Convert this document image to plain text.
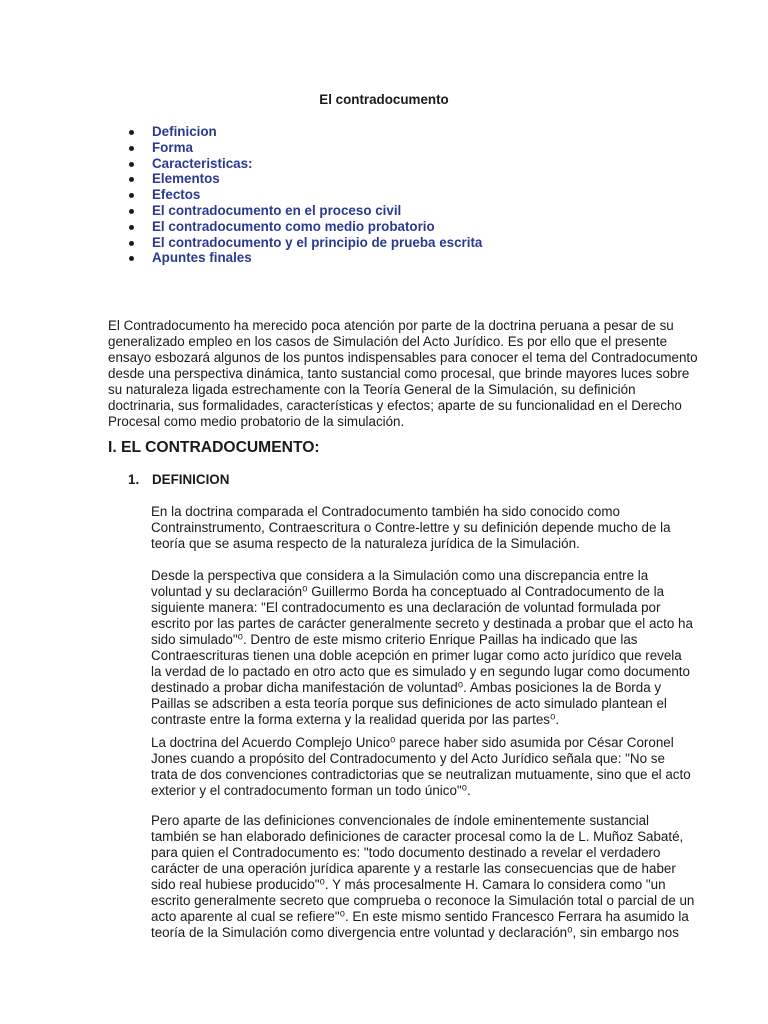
El contradocumento
Definicion
Forma
Caracteristicas:
Elementos
Efectos
El contradocumento en el proceso civil
El contradocumento como medio probatorio
El contradocumento y el principio de prueba escrita
Apuntes finales

El Contradocumento ha merecido poca atención por parte de la doctrina peruana a pesar de su
generalizado empleo en los casos de Simulación del Acto Jurídico. Es por ello que el presente
ensayo esbozará algunos de los puntos indispensables para conocer el tema del Contradocumento
desde una perspectiva dinámica, tanto sustancial como procesal, que brinde mayores luces sobre
su naturaleza ligada estrechamente con la Teoría General de la Simulación, su definición
doctrinaria, sus formalidades, características y efectos; aparte de su funcionalidad en el Derecho
Procesal como medio probatorio de la simulación.

I. EL CONTRADOCUMENTO:
1. DEFINICION

En la doctrina comparada el Contradocumento también ha sido conocido como
Contrainstrumento, Contraescritura o Contre-lettre y su definición depende mucho de la
teoría que se asuma respecto de la naturaleza jurídica de la Simulación.

Desde la perspectiva que considera a la Simulación como una discrepancia entre la
voluntad y su declaración⁰ Guillermo Borda ha conceptuado al Contradocumento de la
siguiente manera: "El contradocumento es una declaración de voluntad formulada por
escrito por las partes de carácter generalmente secreto y destinada a probar que el acto ha
sido simulado"⁰. Dentro de este mismo criterio Enrique Paillas ha indicado que las
Contraescrituras tienen una doble acepción en primer lugar como acto jurídico que revela
la verdad de lo pactado en otro acto que es simulado y en segundo lugar como documento
destinado a probar dicha manifestación de voluntad⁰. Ambas posiciones la de Borda y
Paillas se adscriben a esta teoría porque sus definiciones de acto simulado plantean el
contraste entre la forma externa y la realidad querida por las partes⁰.

La doctrina del Acuerdo Complejo Unico⁰ parece haber sido asumida por César Coronel
Jones cuando a propósito del Contradocumento y del Acto Jurídico señala que: "No se
trata de dos convenciones contradictorias que se neutralizan mutuamente, sino que el acto
exterior y el contradocumento forman un todo único"⁰.

Pero aparte de las definiciones convencionales de índole eminentemente sustancial
también se han elaborado definiciones de caracter procesal como la de L. Muñoz Sabaté,
para quien el Contradocumento es: "todo documento destinado a revelar el verdadero
carácter de una operación jurídica aparente y a restarle las consecuencias que de haber
sido real hubiese producido"⁰. Y más procesalmente H. Camara lo considera como "un
escrito generalmente secreto que comprueba o reconoce la Simulación total o parcial de un
acto aparente al cual se refiere"⁰. En este mismo sentido Francesco Ferrara ha asumido la
teoría de la Simulación como divergencia entre voluntad y declaración⁰, sin embargo nos
